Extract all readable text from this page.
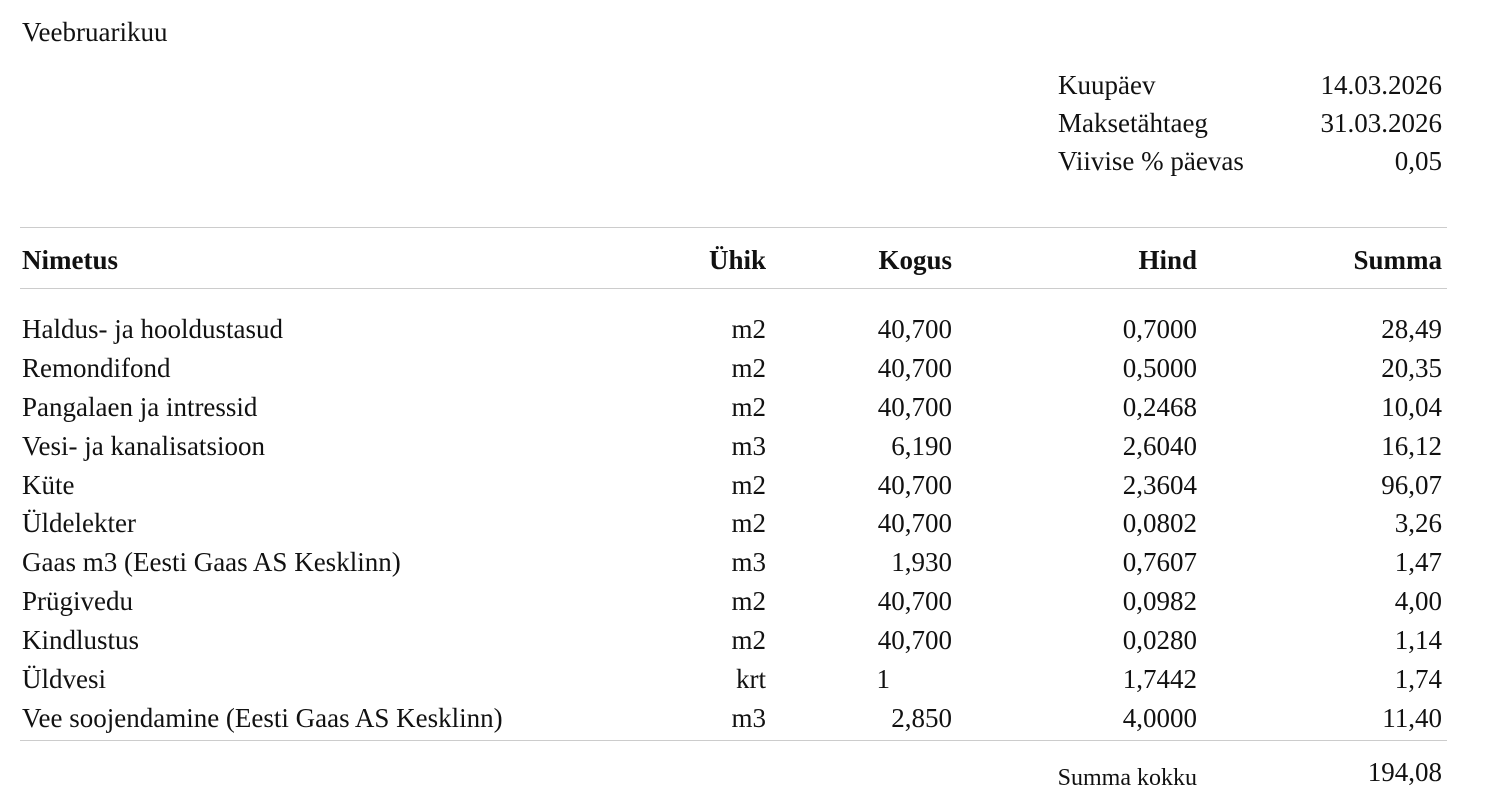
Veebruarikuu
Kuupäev	14.03.2026
Maksetähtaeg	31.03.2026
Viivise % päevas	0,05
Nimetus	Ühik	Kogus	Hind	Summa
Haldus- ja hooldustasud	m2	40,700	0,7000	28,49
Remondifond	m2	40,700	0,5000	20,35
Pangalaen ja intressid	m2	40,700	0,2468	10,04
Vesi- ja kanalisatsioon	m3	6,190	2,6040	16,12
Küte	m2	40,700	2,3604	96,07
Üldelekter	m2	40,700	0,0802	3,26
Gaas m3 (Eesti Gaas AS Kesklinn)	m3	1,930	0,7607	1,47
Prügivedu	m2	40,700	0,0982	4,00
Kindlustus	m2	40,700	0,0280	1,14
Üldvesi	krt	1	1,7442	1,74
Vee soojendamine (Eesti Gaas AS Kesklinn)	m3	2,850	4,0000	11,40
Summa kokku	194,08
